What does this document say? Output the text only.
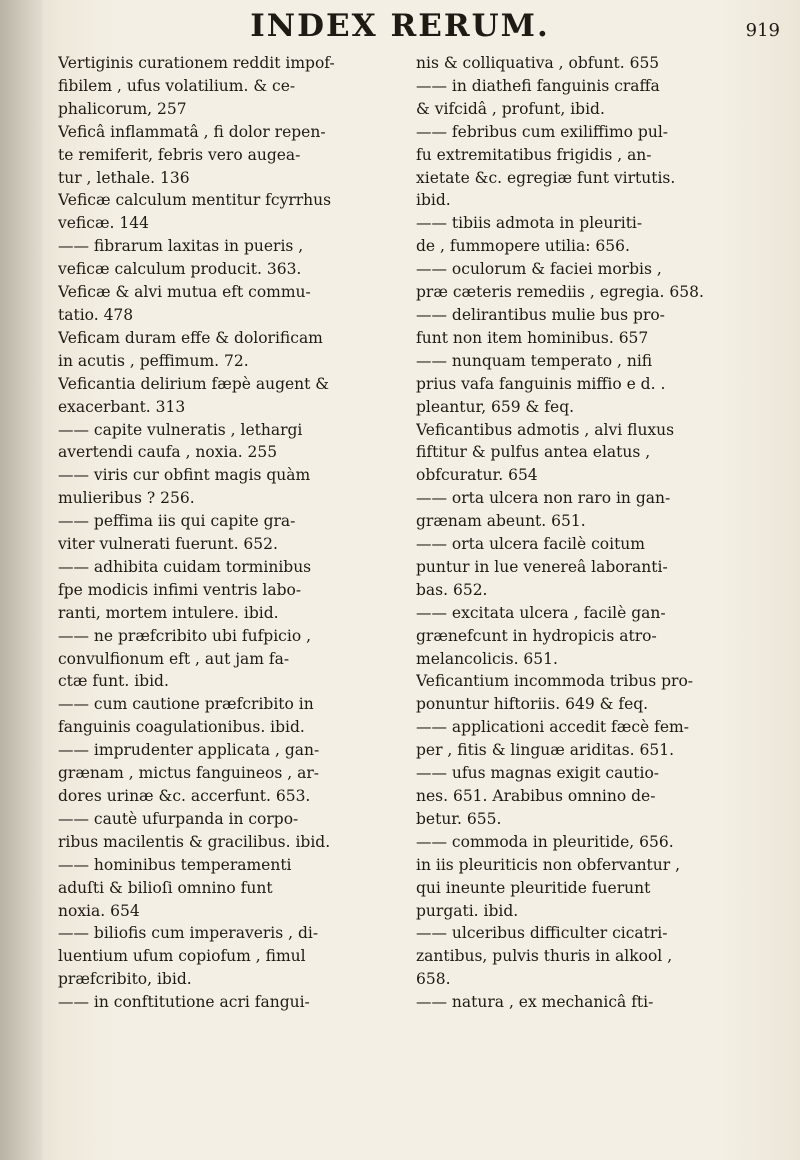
INDEX RERUM.	919
Vertiginis curationem reddit impof-
fibilem , ufus volatilium. & ce-
phalicorum, 257
Veficâ inflammatâ , fi dolor repen-
te remiferit, febris vero augea-
tur , lethale. 136
Veficæ calculum mentitur fcyrrhus
veficæ. 144
—— fibrarum laxitas in pueris ,
veficæ calculum producit. 363.
Veficæ & alvi mutua eft commu-
tatio. 478
Veficam duram effe & dolorificam
in acutis , peffimum. 72.
Veficantia delirium fæpè augent &
exacerbant. 313
—— capite vulneratis , lethargi
avertendi caufa , noxia. 255
—— viris cur obfint magis quàm
mulieribus ? 256.
—— peffima iis qui capite gra-
viter vulnerati fuerunt. 652.
—— adhibita cuidam torminibus
fpe modicis infimi ventris labo-
ranti, mortem intulere. ibid.
—— ne præfcribito ubi fufpicio ,
convulfionum eft , aut jam fa-
ctæ funt. ibid.
—— cum cautione præfcribito in
fanguinis coagulationibus. ibid.
—— imprudenter applicata , gan-
grænam , mictus fanguineos , ar-
dores urinæ &c. accerfunt. 653.
—— cautè ufurpanda in corpo-
ribus macilentis & gracilibus. ibid.
—— hominibus temperamenti
aduſti & bilioſi omnino funt
noxia. 654
—— biliofis cum imperaveris , di-
luentium ufum copiofum , fimul
præfcribito, ibid.
—— in conftitutione acri fangui-
nis & colliquativa , obfunt. 655
—— in diathefi fanguinis craffa
& vifcidâ , profunt, ibid.
—— febribus cum exiliffimo pul-
fu extremitatibus frigidis , an-
xietate &c. egregiæ funt virtutis.
ibid.
—— tibiis admota in pleuriti-
de , fummopere utilia: 656.
—— oculorum & faciei morbis ,
præ cæteris remediis , egregia. 658.
—— delirantibus mulie bus pro-
funt non item hominibus. 657
—— nunquam temperato , nifi
prius vafa fanguinis miffio e d. .
pleantur, 659 & feq.
Veficantibus admotis , alvi fluxus
fiftitur & pulfus antea elatus ,
obfcuratur. 654
—— orta ulcera non raro in gan-
grænam abeunt. 651.
—— orta ulcera facilè coitum
puntur in lue venereâ laboranti-
bas. 652.
—— excitata ulcera , facilè gan-
grænefcunt in hydropicis atro-
melancolicis. 651.
Veficantium incommoda tribus pro-
ponuntur hiftoriis. 649 & feq.
—— applicationi accedit fæcè fem-
per , fitis & linguæ ariditas. 651.
—— ufus magnas exigit cautio-
nes. 651. Arabibus omnino de-
betur. 655.
—— commoda in pleuritide, 656.
in iis pleuriticis non obfervantur ,
qui ineunte pleuritide fuerunt
purgati. ibid.
—— ulceribus difficulter cicatri-
zantibus, pulvis thuris in alkool ,
658.
—— natura , ex mechanicâ fti-
